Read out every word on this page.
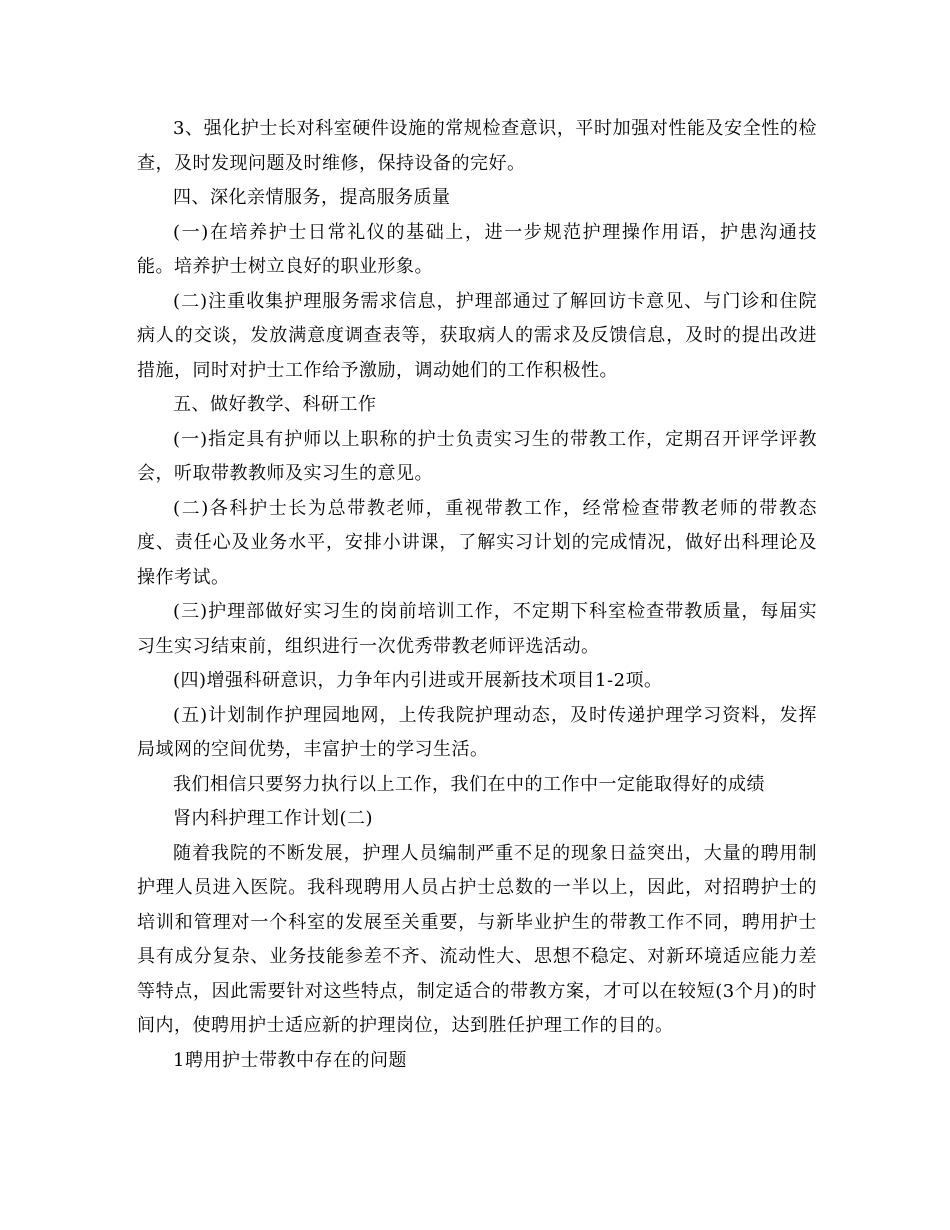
3、强化护士长对科室硬件设施的常规检查意识，平时加强对性能及安全性的检查，及时发现问题及时维修，保持设备的完好。

四、深化亲情服务，提高服务质量

(一)在培养护士日常礼仪的基础上，进一步规范护理操作用语，护患沟通技能。培养护士树立良好的职业形象。

(二)注重收集护理服务需求信息，护理部通过了解回访卡意见、与门诊和住院病人的交谈，发放满意度调查表等，获取病人的需求及反馈信息，及时的提出改进措施，同时对护士工作给予激励，调动她们的工作积极性。

五、做好教学、科研工作

(一)指定具有护师以上职称的护士负责实习生的带教工作，定期召开评学评教会，听取带教教师及实习生的意见。

(二)各科护士长为总带教老师，重视带教工作，经常检查带教老师的带教态度、责任心及业务水平，安排小讲课，了解实习计划的完成情况，做好出科理论及操作考试。

(三)护理部做好实习生的岗前培训工作，不定期下科室检查带教质量，每届实习生实习结束前，组织进行一次优秀带教老师评选活动。

(四)增强科研意识，力争年内引进或开展新技术项目1-2项。

(五)计划制作护理园地网，上传我院护理动态，及时传递护理学习资料，发挥局域网的空间优势，丰富护士的学习生活。

我们相信只要努力执行以上工作，我们在中的工作中一定能取得好的成绩

肾内科护理工作计划(二)

随着我院的不断发展，护理人员编制严重不足的现象日益突出，大量的聘用制护理人员进入医院。我科现聘用人员占护士总数的一半以上，因此，对招聘护士的培训和管理对一个科室的发展至关重要，与新毕业护生的带教工作不同，聘用护士具有成分复杂、业务技能参差不齐、流动性大、思想不稳定、对新环境适应能力差等特点，因此需要针对这些特点，制定适合的带教方案，才可以在较短(3个月)的时间内，使聘用护士适应新的护理岗位，达到胜任护理工作的目的。

1聘用护士带教中存在的问题
